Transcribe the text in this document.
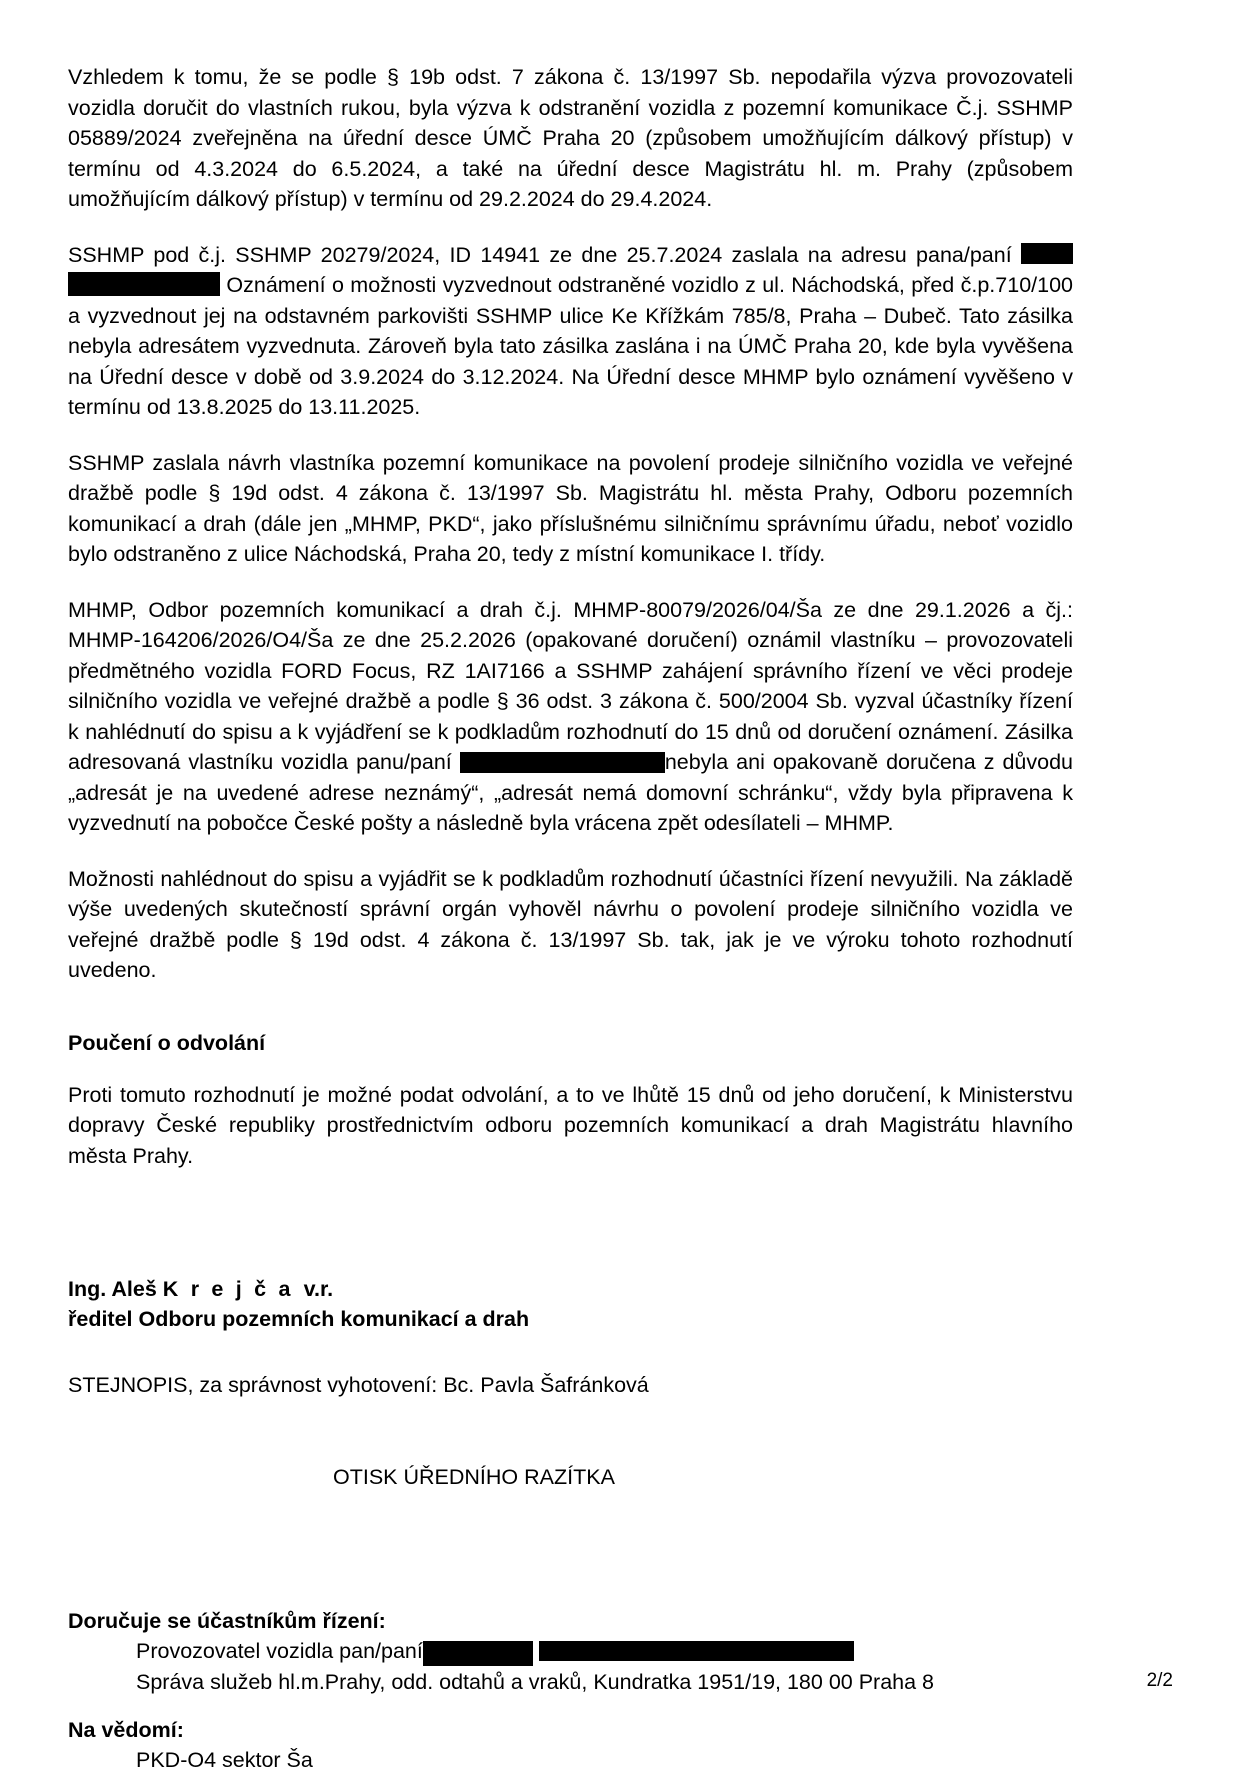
Vzhledem k tomu, že se podle § 19b odst. 7 zákona č. 13/1997 Sb. nepodařila výzva provozovateli vozidla doručit do vlastních rukou, byla výzva k odstranění vozidla z pozemní komunikace Č.j. SSHMP 05889/2024 zveřejněna na úřední desce ÚMČ Praha 20 (způsobem umožňujícím dálkový přístup) v termínu od 4.3.2024 do 6.5.2024, a také na úřední desce Magistrátu hl. m. Prahy (způsobem umožňujícím dálkový přístup) v termínu od 29.2.2024 do 29.4.2024.

SSHMP pod č.j. SSHMP 20279/2024, ID 14941 ze dne 25.7.2024 zaslala na adresu pana/paní  Oznámení o možnosti vyzvednout odstraněné vozidlo z ul. Náchodská, před č.p.710/100 a vyzvednout jej na odstavném parkovišti SSHMP ulice Ke Křížkám 785/8, Praha – Dubeč. Tato zásilka nebyla adresátem vyzvednuta. Zároveň byla tato zásilka zaslána i na ÚMČ Praha 20, kde byla vyvěšena na Úřední desce v době od 3.9.2024 do 3.12.2024. Na Úřední desce MHMP bylo oznámení vyvěšeno v termínu od 13.8.2025 do 13.11.2025.

SSHMP zaslala návrh vlastníka pozemní komunikace na povolení prodeje silničního vozidla ve veřejné dražbě podle § 19d odst. 4 zákona č. 13/1997 Sb. Magistrátu hl. města Prahy, Odboru pozemních komunikací a drah (dále jen „MHMP, PKD“, jako příslušnému silničnímu správnímu úřadu, neboť vozidlo bylo odstraněno z ulice Náchodská, Praha 20, tedy z místní komunikace I. třídy.

MHMP, Odbor pozemních komunikací a drah č.j. MHMP-80079/2026/04/Ša ze dne 29.1.2026 a čj.: MHMP-164206/2026/O4/Ša ze dne 25.2.2026 (opakované doručení) oznámil vlastníku – provozovateli předmětného vozidla FORD Focus, RZ 1AI7166 a SSHMP zahájení správního řízení ve věci prodeje silničního vozidla ve veřejné dražbě a podle § 36 odst. 3 zákona č. 500/2004 Sb. vyzval účastníky řízení k nahlédnutí do spisu a k vyjádření se k podkladům rozhodnutí do 15 dnů od doručení oznámení. Zásilka adresovaná vlastníku vozidla panu/paní	nebyla ani opakovaně doručena z důvodu „adresát je na uvedené adrese neznámý“, „adresát nemá domovní schránku“, vždy byla připravena k vyzvednutí na pobočce České pošty a následně byla vrácena zpět odesílateli – MHMP.

Možnosti nahlédnout do spisu a vyjádřit se k podkladům rozhodnutí účastníci řízení nevyužili. Na základě výše uvedených skutečností správní orgán vyhověl návrhu o povolení prodeje silničního vozidla ve veřejné dražbě podle § 19d odst. 4 zákona č. 13/1997 Sb. tak, jak je ve výroku tohoto rozhodnutí uvedeno.

Poučení o odvolání

Proti tomuto rozhodnutí je možné podat odvolání, a to ve lhůtě 15 dnů od jeho doručení, k Ministerstvu dopravy České republiky prostřednictvím odboru pozemních komunikací a drah Magistrátu hlavního města Prahy.

Ing. Aleš K r e j č a v.r.
ředitel Odboru pozemních komunikací a drah
STEJNOPIS, za správnost vyhotovení: Bc. Pavla Šafránková
OTISK ÚŘEDNÍHO RAZÍTKA
Doručuje se účastníkům řízení:
Provozovatel vozidla pan/paní
Správa služeb hl.m.Prahy, odd. odtahů a vraků, Kundratka 1951/19, 180 00 Praha 8
Na vědomí:
PKD-O4 sektor Ša
2/2
